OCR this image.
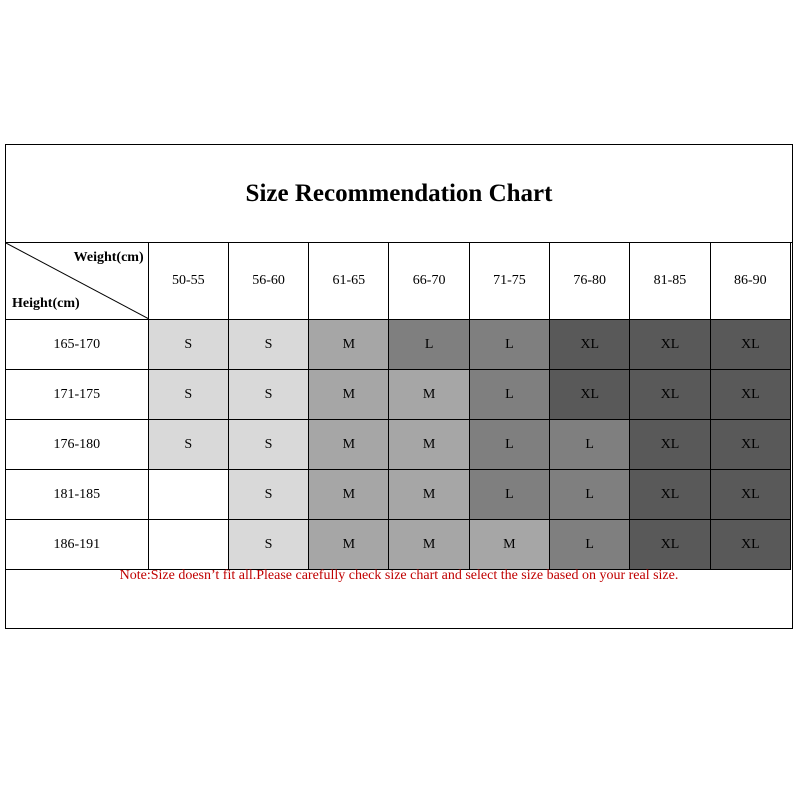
Size Recommendation Chart
Weight(cm)
Height(cm)	50-55	56-60	61-65	66-70	71-75	76-80	81-85	86-90
165-170	S	S	M	L	L	XL	XL	XL
171-175	S	S	M	M	L	XL	XL	XL
176-180	S	S	M	M	L	L	XL	XL
181-185		S	M	M	L	L	XL	XL
186-191		S	M	M	M	L	XL	XL
Note:Size doesn’t fit all.Please carefully check size chart and select the size based on your real size.
